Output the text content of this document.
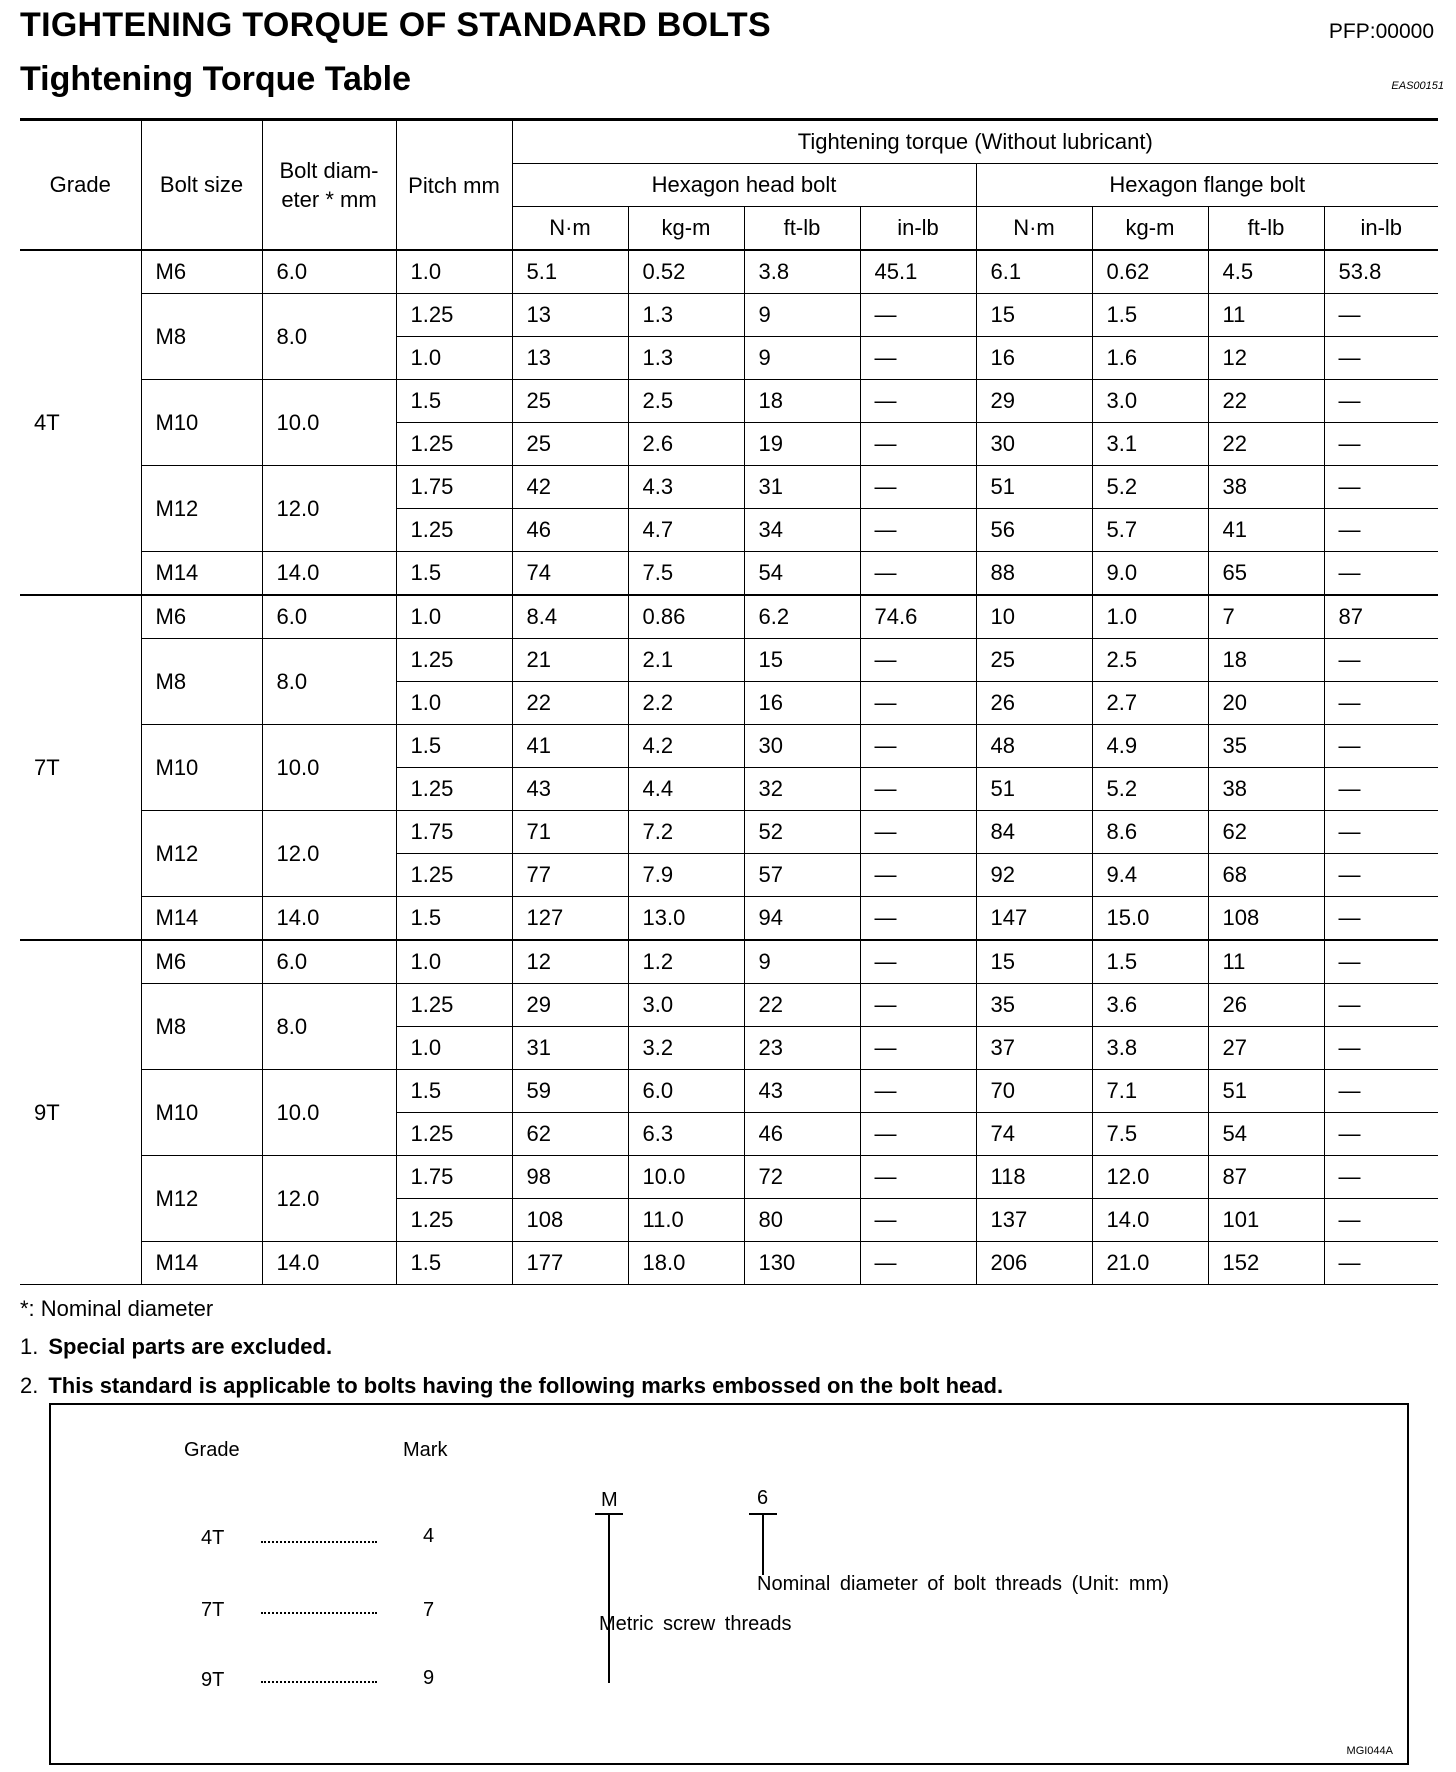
TIGHTENING TORQUE OF STANDARD BOLTS
Tightening Torque Table
PFP:00000
EAS00151
Grade	Bolt size	Bolt diam-eter * mm	Pitch mm	Tightening torque (Without lubricant)							
				Hexagon head bolt				Hexagon flange bolt			
				N·m	kg-m	ft-lb	in-lb	N·m	kg-m	ft-lb	in-lb
4T	M6	6.0	1.0	5.1	0.52	3.8	45.1	6.1	0.62	4.5	53.8
	M8	8.0	1.25	13	1.3	9	—	15	1.5	11	—
			1.0	13	1.3	9	—	16	1.6	12	—
	M10	10.0	1.5	25	2.5	18	—	29	3.0	22	—
			1.25	25	2.6	19	—	30	3.1	22	—
	M12	12.0	1.75	42	4.3	31	—	51	5.2	38	—
			1.25	46	4.7	34	—	56	5.7	41	—
	M14	14.0	1.5	74	7.5	54	—	88	9.0	65	—
7T	M6	6.0	1.0	8.4	0.86	6.2	74.6	10	1.0	7	87
	M8	8.0	1.25	21	2.1	15	—	25	2.5	18	—
			1.0	22	2.2	16	—	26	2.7	20	—
	M10	10.0	1.5	41	4.2	30	—	48	4.9	35	—
			1.25	43	4.4	32	—	51	5.2	38	—
	M12	12.0	1.75	71	7.2	52	—	84	8.6	62	—
			1.25	77	7.9	57	—	92	9.4	68	—
	M14	14.0	1.5	127	13.0	94	—	147	15.0	108	—
9T	M6	6.0	1.0	12	1.2	9	—	15	1.5	11	—
	M8	8.0	1.25	29	3.0	22	—	35	3.6	26	—
			1.0	31	3.2	23	—	37	3.8	27	—
	M10	10.0	1.5	59	6.0	43	—	70	7.1	51	—
			1.25	62	6.3	46	—	74	7.5	54	—
	M12	12.0	1.75	98	10.0	72	—	118	12.0	87	—
			1.25	108	11.0	80	—	137	14.0	101	—
	M14	14.0	1.5	177	18.0	130	—	206	21.0	152	—
*: Nominal diameter
1. Special parts are excluded.
2. This standard is applicable to bolts having the following marks embossed on the bolt head.
Grade	Mark
4T	4
7T	7
9T	9
M	6
Nominal diameter of bolt threads (Unit: mm)
Metric screw threads
MGI044A
